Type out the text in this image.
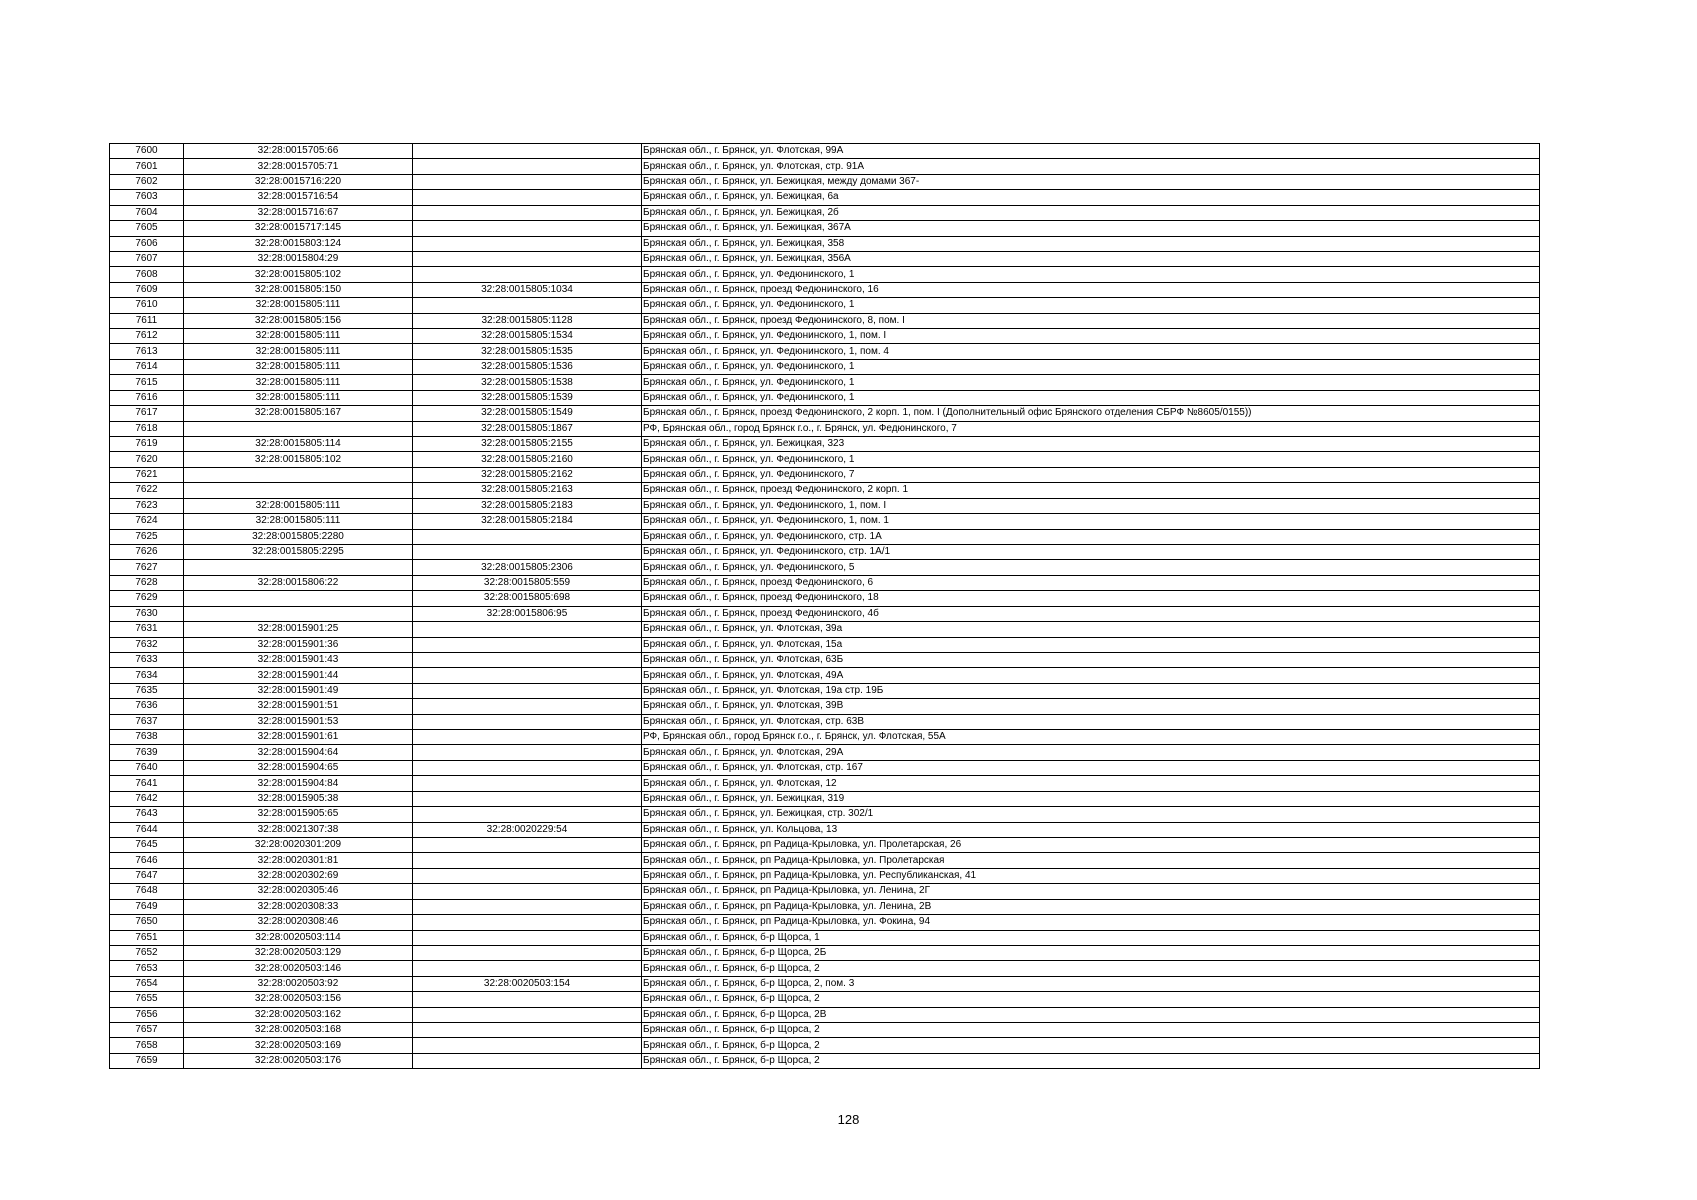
7600	32:28:0015705:66		Брянская обл., г. Брянск, ул. Флотская, 99А
7601	32:28:0015705:71		Брянская обл., г. Брянск, ул. Флотская, стр. 91А
7602	32:28:0015716:220		Брянская обл., г. Брянск, ул. Бежицкая, между домами 367-
7603	32:28:0015716:54		Брянская обл., г. Брянск, ул. Бежицкая, 6а
7604	32:28:0015716:67		Брянская обл., г. Брянск, ул. Бежицкая, 2б
7605	32:28:0015717:145		Брянская обл., г. Брянск, ул. Бежицкая, 367А
7606	32:28:0015803:124		Брянская обл., г. Брянск, ул. Бежицкая, 358
7607	32:28:0015804:29		Брянская обл., г. Брянск, ул. Бежицкая, 356А
7608	32:28:0015805:102		Брянская обл., г. Брянск, ул. Федюнинского, 1
7609	32:28:0015805:150	32:28:0015805:1034	Брянская обл., г. Брянск, проезд Федюнинского, 16
7610	32:28:0015805:111		Брянская обл., г. Брянск, ул. Федюнинского, 1
7611	32:28:0015805:156	32:28:0015805:1128	Брянская обл., г. Брянск, проезд Федюнинского, 8, пом. I
7612	32:28:0015805:111	32:28:0015805:1534	Брянская обл., г. Брянск, ул. Федюнинского, 1, пом. I
7613	32:28:0015805:111	32:28:0015805:1535	Брянская обл., г. Брянск, ул. Федюнинского, 1, пом. 4
7614	32:28:0015805:111	32:28:0015805:1536	Брянская обл., г. Брянск, ул. Федюнинского, 1
7615	32:28:0015805:111	32:28:0015805:1538	Брянская обл., г. Брянск, ул. Федюнинского, 1
7616	32:28:0015805:111	32:28:0015805:1539	Брянская обл., г. Брянск, ул. Федюнинского, 1
7617	32:28:0015805:167	32:28:0015805:1549	Брянская обл., г. Брянск, проезд Федюнинского, 2 корп. 1, пом. I (Дополнительный офис Брянского отделения СБРФ №8605/0155))
7618		32:28:0015805:1867	РФ, Брянская обл., город Брянск г.о., г. Брянск, ул. Федюнинского, 7
7619	32:28:0015805:114	32:28:0015805:2155	Брянская обл., г. Брянск, ул. Бежицкая, 323
7620	32:28:0015805:102	32:28:0015805:2160	Брянская обл., г. Брянск, ул. Федюнинского, 1
7621		32:28:0015805:2162	Брянская обл., г. Брянск, ул. Федюнинского, 7
7622		32:28:0015805:2163	Брянская обл., г. Брянск, проезд Федюнинского, 2 корп. 1
7623	32:28:0015805:111	32:28:0015805:2183	Брянская обл., г. Брянск, ул. Федюнинского, 1, пом. I
7624	32:28:0015805:111	32:28:0015805:2184	Брянская обл., г. Брянск, ул. Федюнинского, 1, пом. 1
7625	32:28:0015805:2280		Брянская обл., г. Брянск, ул. Федюнинского, стр. 1А
7626	32:28:0015805:2295		Брянская обл., г. Брянск, ул. Федюнинского, стр. 1А/1
7627		32:28:0015805:2306	Брянская обл., г. Брянск, ул. Федюнинского, 5
7628	32:28:0015806:22	32:28:0015805:559	Брянская обл., г. Брянск, проезд Федюнинского, 6
7629		32:28:0015805:698	Брянская обл., г. Брянск, проезд Федюнинского, 18
7630		32:28:0015806:95	Брянская обл., г. Брянск, проезд Федюнинского, 4б
7631	32:28:0015901:25		Брянская обл., г. Брянск, ул. Флотская, 39а
7632	32:28:0015901:36		Брянская обл., г. Брянск, ул. Флотская, 15а
7633	32:28:0015901:43		Брянская обл., г. Брянск, ул. Флотская, 63Б
7634	32:28:0015901:44		Брянская обл., г. Брянск, ул. Флотская, 49А
7635	32:28:0015901:49		Брянская обл., г. Брянск, ул. Флотская, 19а стр. 19Б
7636	32:28:0015901:51		Брянская обл., г. Брянск, ул. Флотская, 39В
7637	32:28:0015901:53		Брянская обл., г. Брянск, ул. Флотская, стр. 63В
7638	32:28:0015901:61		РФ, Брянская обл., город Брянск г.о., г. Брянск, ул. Флотская, 55А
7639	32:28:0015904:64		Брянская обл., г. Брянск, ул. Флотская, 29А
7640	32:28:0015904:65		Брянская обл., г. Брянск, ул. Флотская, стр. 167
7641	32:28:0015904:84		Брянская обл., г. Брянск, ул. Флотская, 12
7642	32:28:0015905:38		Брянская обл., г. Брянск, ул. Бежицкая, 319
7643	32:28:0015905:65		Брянская обл., г. Брянск, ул. Бежицкая, стр. 302/1
7644	32:28:0021307:38	32:28:0020229:54	Брянская обл., г. Брянск, ул. Кольцова, 13
7645	32:28:0020301:209		Брянская обл., г. Брянск, рп Радица-Крыловка, ул. Пролетарская, 26
7646	32:28:0020301:81		Брянская обл., г. Брянск, рп Радица-Крыловка, ул. Пролетарская
7647	32:28:0020302:69		Брянская обл., г. Брянск, рп Радица-Крыловка, ул. Республиканская, 41
7648	32:28:0020305:46		Брянская обл., г. Брянск, рп Радица-Крыловка, ул. Ленина, 2Г
7649	32:28:0020308:33		Брянская обл., г. Брянск, рп Радица-Крыловка, ул. Ленина, 2В
7650	32:28:0020308:46		Брянская обл., г. Брянск, рп Радица-Крыловка, ул. Фокина, 94
7651	32:28:0020503:114		Брянская обл., г. Брянск, б-р Щорса, 1
7652	32:28:0020503:129		Брянская обл., г. Брянск, б-р Щорса, 2Б
7653	32:28:0020503:146		Брянская обл., г. Брянск, б-р Щорса, 2
7654	32:28:0020503:92	32:28:0020503:154	Брянская обл., г. Брянск, б-р Щорса, 2, пом. 3
7655	32:28:0020503:156		Брянская обл., г. Брянск, б-р Щорса, 2
7656	32:28:0020503:162		Брянская обл., г. Брянск, б-р Щорса, 2В
7657	32:28:0020503:168		Брянская обл., г. Брянск, б-р Щорса, 2
7658	32:28:0020503:169		Брянская обл., г. Брянск, б-р Щорса, 2
7659	32:28:0020503:176		Брянская обл., г. Брянск, б-р Щорса, 2
128
